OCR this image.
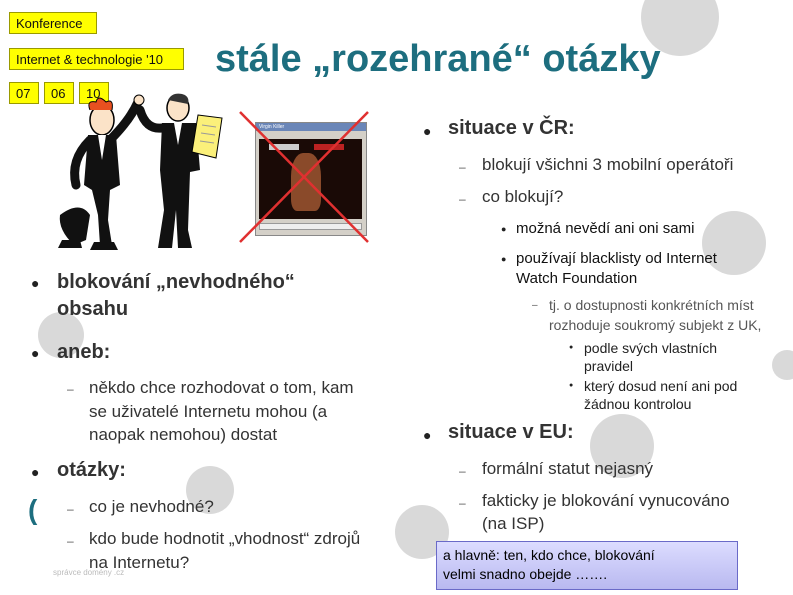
Konference
Internet & technologie '10
07	06	10
stále „rozehrané“ otázky
Virgin Killer
● blokování „nevhodného“
obsahu
● aneb:
– někdo chce rozhodovat o tom, kam
se uživatelé Internetu mohou (a
naopak nemohou) dostat
● otázky:
– co je nevhodné?
– kdo bude hodnotit „vhodnost“ zdrojů
na Internetu?
(
správce domény .cz
● situace v ČR:
– blokují všichni 3 mobilní operátoři
– co blokují?
● možná nevědí ani oni sami
● používají blacklisty od Internet
Watch Foundation
– tj. o dostupnosti konkrétních míst
rozhoduje soukromý subjekt z UK,
● podle svých vlastních
pravidel
● který dosud není ani pod
žádnou kontrolou
● situace v EU:
– formální statut nejasný
– fakticky je blokování vynucováno
(na ISP)
a hlavně: ten, kdo chce, blokování
velmi snadno obejde …….
